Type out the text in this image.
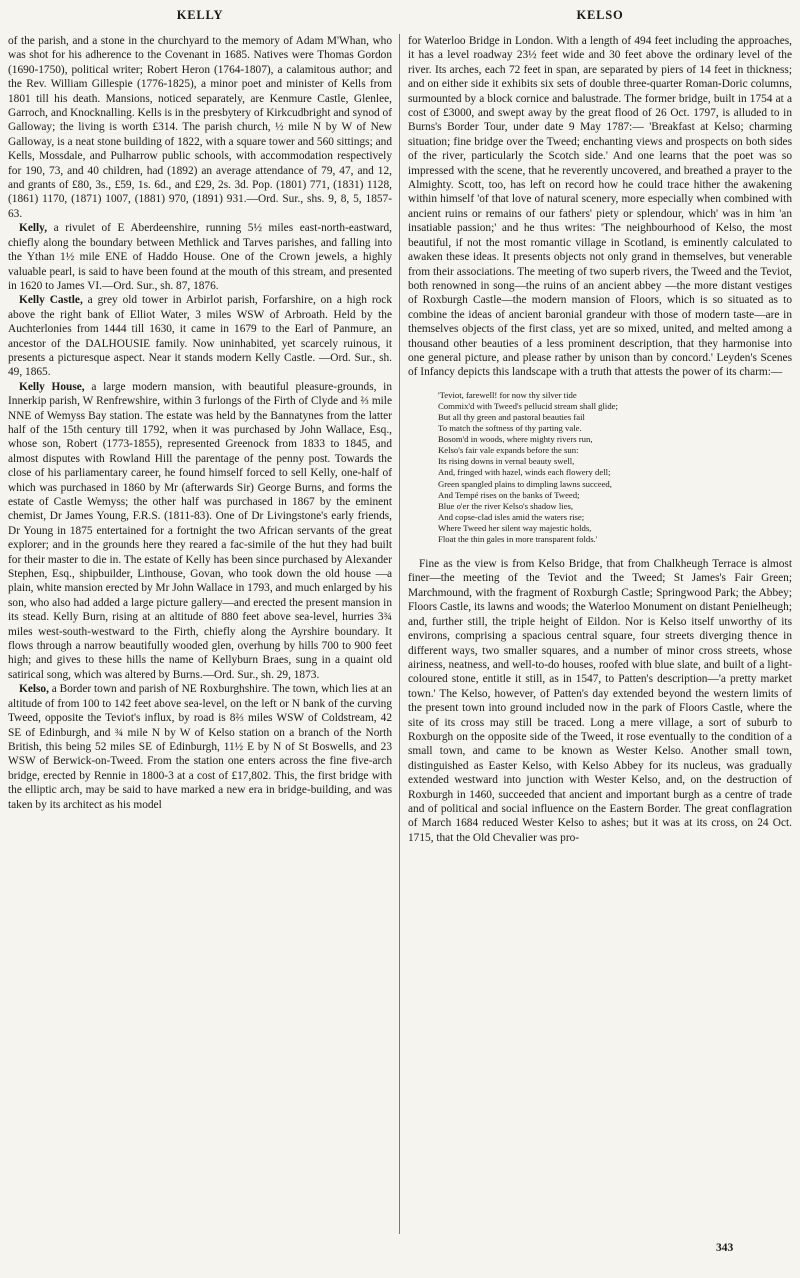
KELLY	KELSO

of the parish, and a stone in the churchyard to the memory of Adam M'Whan, who was shot for his adherence to the Covenant in 1685. Natives were Thomas Gordon (1690-1750), political writer; Robert Heron (1764-1807), a calamitous author; and the Rev. William Gillespie (1776-1825), a minor poet and minister of Kells from 1801 till his death. Mansions, noticed separately, are Kenmure Castle, Glenlee, Garroch, and Knocknalling. Kells is in the presbytery of Kirkcudbright and synod of Galloway; the living is worth £314. The parish church, ½ mile N by W of New Galloway, is a neat stone building of 1822, with a square tower and 560 sittings; and Kells, Mossdale, and Pulharrow public schools, with accommodation respectively for 190, 73, and 40 children, had (1892) an average attendance of 79, 47, and 12, and grants of £80, 3s., £59, 1s. 6d., and £29, 2s. 3d. Pop. (1801) 771, (1831) 1128, (1861) 1170, (1871) 1007, (1881) 970, (1891) 931.—Ord. Sur., shs. 9, 8, 5, 1857-63.

Kelly, a rivulet of E Aberdeenshire, running 5½ miles east-north-eastward, chiefly along the boundary between Methlick and Tarves parishes, and falling into the Ythan 1½ mile ENE of Haddo House. One of the Crown jewels, a highly valuable pearl, is said to have been found at the mouth of this stream, and presented in 1620 to James VI.—Ord. Sur., sh. 87, 1876.

Kelly Castle, a grey old tower in Arbirlot parish, Forfarshire, on a high rock above the right bank of Elliot Water, 3 miles WSW of Arbroath. Held by the Auchterlonies from 1444 till 1630, it came in 1679 to the Earl of Panmure, an ancestor of the DALHOUSIE family. Now uninhabited, yet scarcely ruinous, it presents a picturesque aspect. Near it stands modern Kelly Castle. —Ord. Sur., sh. 49, 1865.

Kelly House, a large modern mansion, with beautiful pleasure-grounds, in Innerkip parish, W Renfrewshire, within 3 furlongs of the Firth of Clyde and ⅔ mile NNE of Wemyss Bay station. The estate was held by the Bannatynes from the latter half of the 15th century till 1792, when it was purchased by John Wallace, Esq., whose son, Robert (1773-1855), represented Greenock from 1833 to 1845, and almost disputes with Rowland Hill the parentage of the penny post. Towards the close of his parliamentary career, he found himself forced to sell Kelly, one-half of which was purchased in 1860 by Mr (afterwards Sir) George Burns, and forms the estate of Castle Wemyss; the other half was purchased in 1867 by the eminent chemist, Dr James Young, F.R.S. (1811-83). One of Dr Livingstone's early friends, Dr Young in 1875 entertained for a fortnight the two African servants of the great explorer; and in the grounds here they reared a fac-simile of the hut they had built for their master to die in. The estate of Kelly has been since purchased by Alexander Stephen, Esq., shipbuilder, Linthouse, Govan, who took down the old house —a plain, white mansion erected by Mr John Wallace in 1793, and much enlarged by his son, who also had added a large picture gallery—and erected the present mansion in its stead. Kelly Burn, rising at an altitude of 880 feet above sea-level, hurries 3¾ miles west-south-westward to the Firth, chiefly along the Ayrshire boundary. It flows through a narrow beautifully wooded glen, overhung by hills 700 to 900 feet high; and gives to these hills the name of Kellyburn Braes, sung in a quaint old satirical song, which was altered by Burns.—Ord. Sur., sh. 29, 1873.

Kelso, a Border town and parish of NE Roxburghshire. The town, which lies at an altitude of from 100 to 142 feet above sea-level, on the left or N bank of the curving Tweed, opposite the Teviot's influx, by road is 8⅔ miles WSW of Coldstream, 42 SE of Edinburgh, and ¾ mile N by W of Kelso station on a branch of the North British, this being 52 miles SE of Edinburgh, 11½ E by N of St Boswells, and 23 WSW of Berwick-on-Tweed. From the station one enters across the fine five-arch bridge, erected by Rennie in 1800-3 at a cost of £17,802. This, the first bridge with the elliptic arch, may be said to have marked a new era in bridge-building, and was taken by its architect as his model

for Waterloo Bridge in London. With a length of 494 feet including the approaches, it has a level roadway 23½ feet wide and 30 feet above the ordinary level of the river. Its arches, each 72 feet in span, are separated by piers of 14 feet in thickness; and on either side it exhibits six sets of double three-quarter Roman-Doric columns, surmounted by a block cornice and balustrade. The former bridge, built in 1754 at a cost of £3000, and swept away by the great flood of 26 Oct. 1797, is alluded to in Burns's Border Tour, under date 9 May 1787:— 'Breakfast at Kelso; charming situation; fine bridge over the Tweed; enchanting views and prospects on both sides of the river, particularly the Scotch side.' And one learns that the poet was so impressed with the scene, that he reverently uncovered, and breathed a prayer to the Almighty. Scott, too, has left on record how he could trace hither the awakening within himself 'of that love of natural scenery, more especially when combined with ancient ruins or remains of our fathers' piety or splendour, which' was in him 'an insatiable passion;' and he thus writes: 'The neighbourhood of Kelso, the most beautiful, if not the most romantic village in Scotland, is eminently calculated to awaken these ideas. It presents objects not only grand in themselves, but venerable from their associations. The meeting of two superb rivers, the Tweed and the Teviot, both renowned in song—the ruins of an ancient abbey —the more distant vestiges of Roxburgh Castle—the modern mansion of Floors, which is so situated as to combine the ideas of ancient baronial grandeur with those of modern taste—are in themselves objects of the first class, yet are so mixed, united, and melted among a thousand other beauties of a less prominent description, that they harmonise into one general picture, and please rather by unison than by concord.' Leyden's Scenes of Infancy depicts this landscape with a truth that attests the power of its charm:—

'Teviot, farewell! for now thy silver tide
Commix'd with Tweed's pellucid stream shall glide;
But all thy green and pastoral beauties fail
To match the softness of thy parting vale.
Bosom'd in woods, where mighty rivers run,
Kelso's fair vale expands before the sun:
Its rising downs in vernal beauty swell,
And, fringed with hazel, winds each flowery dell;
Green spangled plains to dimpling lawns succeed,
And Tempé rises on the banks of Tweed;
Blue o'er the river Kelso's shadow lies,
And copse-clad isles amid the waters rise;
Where Tweed her silent way majestic holds,
Float the thin gales in more transparent folds.'

Fine as the view is from Kelso Bridge, that from Chalkheugh Terrace is almost finer—the meeting of the Teviot and the Tweed; St James's Fair Green; Marchmound, with the fragment of Roxburgh Castle; Springwood Park; the Abbey; Floors Castle, its lawns and woods; the Waterloo Monument on distant Penielheugh; and, further still, the triple height of Eildon. Nor is Kelso itself unworthy of its environs, comprising a spacious central square, four streets diverging thence in different ways, two smaller squares, and a number of minor cross streets, whose airiness, neatness, and well-to-do houses, roofed with blue slate, and built of a light-coloured stone, entitle it still, as in 1547, to Patten's description—'a pretty market town.' The Kelso, however, of Patten's day extended beyond the western limits of the present town into ground included now in the park of Floors Castle, where the site of its cross may still be traced. Long a mere village, a sort of suburb to Roxburgh on the opposite side of the Tweed, it rose eventually to the condition of a small town, and came to be known as Wester Kelso. Another small town, distinguished as Easter Kelso, with Kelso Abbey for its nucleus, was gradually extended westward into junction with Wester Kelso, and, on the destruction of Roxburgh in 1460, succeeded that ancient and important burgh as a centre of trade and of political and social influence on the Eastern Border. The great conflagration of March 1684 reduced Wester Kelso to ashes; but it was at its cross, on 24 Oct. 1715, that the Old Chevalier was pro-

343
